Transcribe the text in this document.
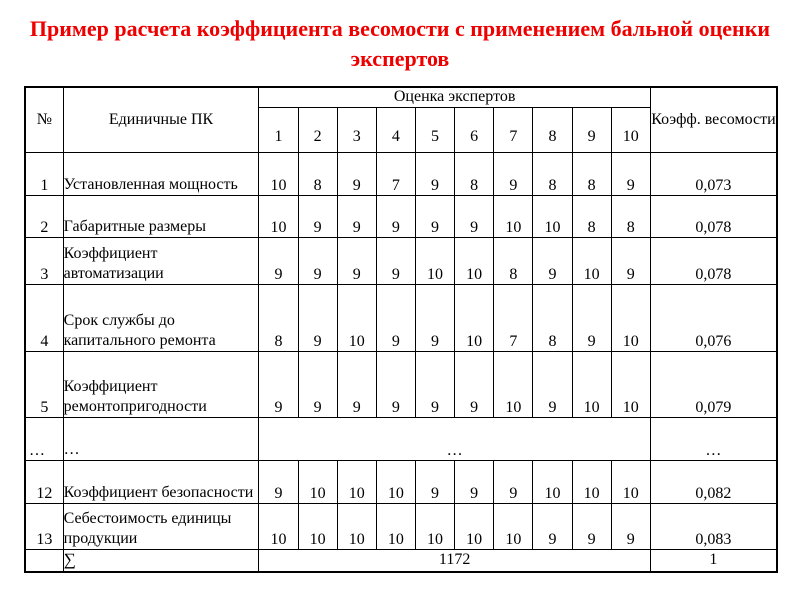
Пример расчета коэффициента весомости с применением бальной оценки экспертов
№	Единичные ПК	Оценка экспертов										Коэфф. весомости
		1	2	3	4	5	6	7	8	9	10	
1	Установленная мощность	10	8	9	7	9	8	9	8	8	9	0,073
2	Габаритные размеры	10	9	9	9	9	9	10	10	8	8	0,078
3	Коэффициент автоматизации	9	9	9	9	10	10	8	9	10	9	0,078
4	Срок службы до капитального ремонта	8	9	10	9	9	10	7	8	9	10	0,076
5	Коэффициент ремонтопригодности	9	9	9	9	9	9	10	9	10	10	0,079
…	…	…										…
12	Коэффициент безопасности	9	10	10	10	9	9	9	10	10	10	0,082
13	Себестоимость единицы продукции	10	10	10	10	10	10	10	9	9	9	0,083
	∑	1172										1
